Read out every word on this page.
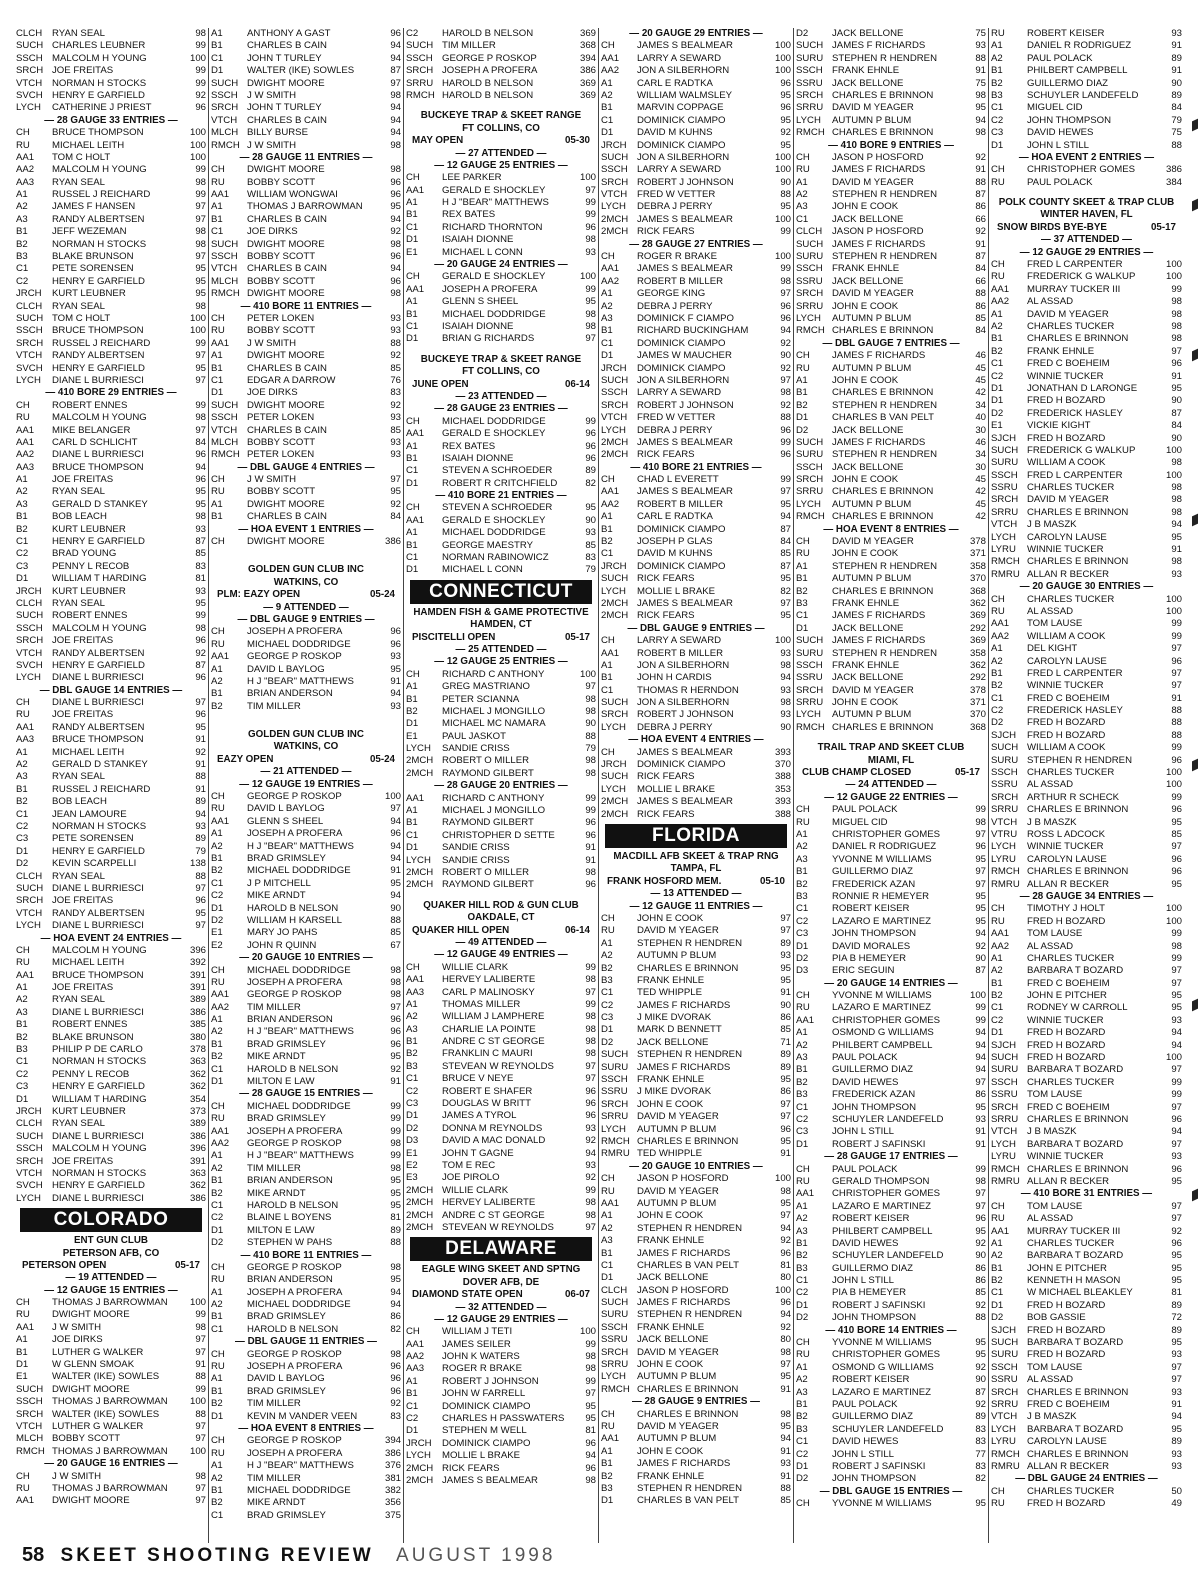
CLCH	RYAN SEAL	98
SUCH CHARLES LEUBNER	99
SSCH MALCOLM H YOUNG	100
SRCH JOE FREITAS	99
VTCH	NORMAN H STOCKS	99
SVCH HENRY E GARFIELD	92
LYCH	CATHERINE J PRIEST	96
— 28 GAUGE 33 ENTRIES —
CH	BRUCE THOMPSON	100
RU	MICHAEL LEITH	100
AA1	TOM C HOLT	100
AA2	MALCOLM H YOUNG	99
AA3	RYAN SEAL	98
A1	RUSSEL J REICHARD	99
A2	JAMES F HANSEN	97
A3	RANDY ALBERTSEN	97
B1	JEFF WEZEMAN	98
B2	NORMAN H STOCKS	98
B3	BLAKE BRUNSON	97
C1	PETE SORENSEN	95
C2	HENRY E GARFIELD	95
JRCH	KURT LEUBNER	95
CLCH	RYAN SEAL	98
SUCH TOM C HOLT	100
SSCH BRUCE THOMPSON	100
SRCH RUSSEL J REICHARD	99
VTCH	RANDY ALBERTSEN	97
SVCH HENRY E GARFIELD	95
LYCH	DIANE L BURRIESCI	97
— 410 BORE 29 ENTRIES —
CH	ROBERT ENNES	99
RU	MALCOLM H YOUNG	98
AA1	MIKE BELANGER	97
AA1	CARL D SCHLICHT	84
AA2	DIANE L BURRIESCI	96
AA3	BRUCE THOMPSON	94
A1	JOE FREITAS	96
A2	RYAN SEAL	95
A3	GERALD D STANKEY	95
B1	BOB LEACH	98
B2	KURT LEUBNER	93
C1	HENRY E GARFIELD	87
C2	BRAD YOUNG	85
C3	PENNY L RECOB	83
D1	WILLIAM T HARDING	81
JRCH	KURT LEUBNER	93
CLCH	RYAN SEAL	95
SUCH ROBERT ENNES	99
SSCH MALCOLM H YOUNG	98
SRCH JOE FREITAS	96
VTCH	RANDY ALBERTSEN	92
SVCH HENRY E GARFIELD	87
LYCH	DIANE L BURRIESCI	96
— DBL GAUGE 14 ENTRIES —
CH	DIANE L BURRIESCI	97
RU	JOE FREITAS	96
AA1	RANDY ALBERTSEN	95
AA3	BRUCE THOMPSON	91
A1	MICHAEL LEITH	92
A2	GERALD D STANKEY	91
A3	RYAN SEAL	88
B1	RUSSEL J REICHARD	91
B2	BOB LEACH	89
C1	JEAN LAMOURE	94
C2	NORMAN H STOCKS	93
C3	PETE SORENSEN	89
D1	HENRY E GARFIELD	79
D2	KEVIN SCARPELLI	138
CLCH	RYAN SEAL	88
SUCH DIANE L BURRIESCI	97
SRCH JOE FREITAS	96
VTCH	RANDY ALBERTSEN	95
LYCH	DIANE L BURRIESCI	97
— HOA EVENT 24 ENTRIES —
CH	MALCOLM H YOUNG	396
RU	MICHAEL LEITH	392
AA1	BRUCE THOMPSON	391
A1	JOE FREITAS	391
A2	RYAN SEAL	389
A3	DIANE L BURRIESCI	386
B1	ROBERT ENNES	385
B2	BLAKE BRUNSON	380
B3	PHILIP P DE CARLO	378
C1	NORMAN H STOCKS	363
C2	PENNY L RECOB	362
C3	HENRY E GARFIELD	362
D1	WILLIAM T HARDING	354
JRCH	KURT LEUBNER	373
CLCH	RYAN SEAL	389
SUCH DIANE L BURRIESCI	386
SSCH MALCOLM H YOUNG	396
SRCH JOE FREITAS	391
VTCH	NORMAN H STOCKS	363
SVCH HENRY E GARFIELD	362
LYCH	DIANE L BURRIESCI	386
COLORADO
ENT GUN CLUB
PETERSON AFB, CO
PETERSON OPEN	05-17
— 19 ATTENDED —
— 12 GAUGE 15 ENTRIES —
CH	THOMAS J BARROWMAN	100
RU	DWIGHT MOORE	99
AA1	J W SMITH	98
A1	JOE DIRKS	97
B1	LUTHER G WALKER	97
D1	W GLENN SMOAK	91
E1	WALTER (IKE) SOWLES	88
SUCH DWIGHT MOORE	99
SSCH THOMAS J BARROWMAN	100
SRCH WALTER (IKE) SOWLES	88
VTCH	LUTHER G WALKER	97
MLCH BOBBY SCOTT	97
RMCH THOMAS J BARROWMAN	100
— 20 GAUGE 16 ENTRIES —
CH	J W SMITH	98
RU	THOMAS J BARROWMAN	97
AA1	DWIGHT MOORE	97
A1	ANTHONY A GAST	96
B1	CHARLES B CAIN	94
C1	JOHN T TURLEY	94
D1	WALTER (IKE) SOWLES	87
SUCH DWIGHT MOORE	97
SSCH J W SMITH	98
SRCH JOHN T TURLEY	94
VTCH	CHARLES B CAIN	94
MLCH BILLY BURSE	94
RMCH J W SMITH	98
— 28 GAUGE 11 ENTRIES —
CH	DWIGHT MOORE	98
RU	BOBBY SCOTT	96
AA1	WILLIAM WONGWAI	96
A1	THOMAS J BARROWMAN	95
B1	CHARLES B CAIN	94
C1	JOE DIRKS	92
SUCH DWIGHT MOORE	98
SSCH BOBBY SCOTT	96
VTCH	CHARLES B CAIN	94
MLCH BOBBY SCOTT	96
RMCH DWIGHT MOORE	98
— 410 BORE 11 ENTRIES —
CH	PETER LOKEN	93
RU	BOBBY SCOTT	93
AA1	J W SMITH	88
A1	DWIGHT MOORE	92
B1	CHARLES B CAIN	85
C1	EDGAR A DARROW	76
D1	JOE DIRKS	83
SUCH DWIGHT MOORE	92
SSCH PETER LOKEN	93
VTCH	CHARLES B CAIN	85
MLCH BOBBY SCOTT	93
RMCH PETER LOKEN	93
— DBL GAUGE 4 ENTRIES —
CH	J W SMITH	97
RU	BOBBY SCOTT	95
A1	DWIGHT MOORE	92
B1	CHARLES B CAIN	84
— HOA EVENT 1 ENTRIES —
CH	DWIGHT MOORE	386
GOLDEN GUN CLUB INC
WATKINS, CO
PLM: EAZY OPEN	05-24
— 9 ATTENDED —
— DBL GAUGE 9 ENTRIES —
CH	JOSEPH A PROFERA	96
RU	MICHAEL DODDRIDGE	96
AA1	GEORGE P ROSKOP	93
A1	DAVID L BAYLOG	95
A2	H J "BEAR" MATTHEWS	91
B1	BRIAN ANDERSON	94
B2	TIM MILLER	93
GOLDEN GUN CLUB INC
WATKINS, CO
EAZY OPEN	05-24
— 21 ATTENDED —
— 12 GAUGE 19 ENTRIES —
CH	GEORGE P ROSKOP	100
RU	DAVID L BAYLOG	97
AA1	GLENN S SHEEL	94
A1	JOSEPH A PROFERA	96
A2	H J "BEAR" MATTHEWS	94
B1	BRAD GRIMSLEY	94
B2	MICHAEL DODDRIDGE	91
C1	J P MITCHELL	95
C2	MIKE ARNDT	94
D1	HAROLD B NELSON	90
D2	WILLIAM H KARSELL	88
E1	MARY JO PAHS	85
E2	JOHN R QUINN	67
— 20 GAUGE 10 ENTRIES —
CH	MICHAEL DODDRIDGE	98
RU	JOSEPH A PROFERA	98
AA1	GEORGE P ROSKOP	98
AA2	TIM MILLER	97
A1	BRIAN ANDERSON	96
A2	H J "BEAR" MATTHEWS	96
B1	BRAD GRIMSLEY	96
B2	MIKE ARNDT	95
C1	HAROLD B NELSON	92
D1	MILTON E LAW	91
— 28 GAUGE 15 ENTRIES —
CH	MICHAEL DODDRIDGE	99
RU	BRAD GRIMSLEY	99
AA1	JOSEPH A PROFERA	99
AA2	GEORGE P ROSKOP	98
A1	H J "BEAR" MATTHEWS	99
A2	TIM MILLER	98
B1	BRIAN ANDERSON	95
B2	MIKE ARNDT	95
C1	HAROLD B NELSON	95
C2	BLAINE L BOYENS	81
D1	MILTON E LAW	89
D2	STEPHEN W PAHS	88
— 410 BORE 11 ENTRIES —
CH	GEORGE P ROSKOP	98
RU	BRIAN ANDERSON	95
A1	JOSEPH A PROFERA	94
A2	MICHAEL DODDRIDGE	94
B1	BRAD GRIMSLEY	86
C1	HAROLD B NELSON	82
— DBL GAUGE 11 ENTRIES —
CH	GEORGE P ROSKOP	98
RU	JOSEPH A PROFERA	96
A1	DAVID L BAYLOG	96
B1	BRAD GRIMSLEY	96
B2	TIM MILLER	92
D1	KEVIN M VANDER VEEN	83
— HOA EVENT 8 ENTRIES —
CH	GEORGE P ROSKOP	394
RU	JOSEPH A PROFERA	386
A1	H J "BEAR" MATTHEWS	376
A2	TIM MILLER	381
B1	MICHAEL DODDRIDGE	382
B2	MIKE ARNDT	356
C1	BRAD GRIMSLEY	375
C2	HAROLD B NELSON	369
SUCH TIM MILLER	368
SSCH GEORGE P ROSKOP	394
SRCH JOSEPH A PROFERA	386
SRRU HAROLD B NELSON	369
RMCH HAROLD B NELSON	369
BUCKEYE TRAP & SKEET RANGE
FT COLLINS, CO
MAY OPEN	05-30
— 27 ATTENDED —
— 12 GAUGE 25 ENTRIES —
CH	LEE PARKER	100
AA1	GERALD E SHOCKLEY	97
A1	H J "BEAR" MATTHEWS	99
B1	REX BATES	99
C1	RICHARD THORNTON	96
D1	ISAIAH DIONNE	98
E1	MICHAEL L CONN	93
— 20 GAUGE 24 ENTRIES —
CH	GERALD E SHOCKLEY	100
AA1	JOSEPH A PROFERA	99
A1	GLENN S SHEEL	95
B1	MICHAEL DODDRIDGE	98
C1	ISAIAH DIONNE	98
D1	BRIAN G RICHARDS	97
BUCKEYE TRAP & SKEET RANGE
FT COLLINS, CO
JUNE OPEN	06-14
— 23 ATTENDED —
— 28 GAUGE 23 ENTRIES —
CH	MICHAEL DODDRIDGE	99
AA1	GERALD E SHOCKLEY	96
A1	REX BATES	96
B1	ISAIAH DIONNE	96
C1	STEVEN A SCHROEDER	89
D1	ROBERT R CRITCHFIELD	82
— 410 BORE 21 ENTRIES —
CH	STEVEN A SCHROEDER	95
AA1	GERALD E SHOCKLEY	90
A1	MICHAEL DODDRIDGE	93
B1	GEORGE MAESTRY	85
C1	NORMAN RABINOWICZ	83
D1	MICHAEL L CONN	79
CONNECTICUT
HAMDEN FISH & GAME PROTECTIVE
HAMDEN, CT
PISCITELLI OPEN	05-17
— 25 ATTENDED —
— 12 GAUGE 25 ENTRIES —
CH	RICHARD C ANTHONY	100
A1	GREG MASTRIANO	97
B1	PETER SCIANNA	98
B2	MICHAEL J MONGILLO	98
D1	MICHAEL MC NAMARA	90
E1	PAUL JASKOT	88
LYCH	SANDIE CRISS	79
2MCH ROBERT O MILLER	98
2MCH RAYMOND GILBERT	98
— 28 GAUGE 20 ENTRIES —
AA1	RICHARD C ANTHONY	99
A1	MICHAEL J MONGILLO	99
B1	RAYMOND GILBERT	96
C1	CHRISTOPHER D SETTE	96
D1	SANDIE CRISS	91
LYCH	SANDIE CRISS	91
2MCH ROBERT O MILLER	98
2MCH RAYMOND GILBERT	96
QUAKER HILL ROD & GUN CLUB
OAKDALE, CT
QUAKER HILL OPEN	06-14
— 49 ATTENDED —
— 12 GAUGE 49 ENTRIES —
CH	WILLIE CLARK	99
AA1	HERVEY LALIBERTE	98
AA3	CARL P MALINOSKY	97
A1	THOMAS MILLER	99
A2	WILLIAM J LAMPHERE	98
A3	CHARLIE LA POINTE	98
B1	ANDRE C ST GEORGE	98
B2	FRANKLIN C MAURI	98
B3	STEVEAN W REYNOLDS	97
C1	BRUCE V NEYE	97
C2	ROBERT E SHAFER	96
C3	DOUGLAS W BRITT	96
D1	JAMES A TYROL	96
D2	DONNA M REYNOLDS	93
D3	DAVID A MAC DONALD	92
E1	JOHN T GAGNE	94
E2	TOM E REC	93
E3	JOE PIROLO	92
2MCH WILLIE CLARK	99
2MCH HERVEY LALIBERTE	98
2MCH ANDRE C ST GEORGE	98
2MCH STEVEAN W REYNOLDS	97
DELAWARE
EAGLE WING SKEET AND SPTNG
DOVER AFB, DE
DIAMOND STATE OPEN	06-07
— 32 ATTENDED —
— 12 GAUGE 29 ENTRIES —
CH	WILLIAM J TETI	100
AA1	JAMES SEILER	99
AA2	JOHN K WATERS	98
AA3	ROGER R BRAKE	98
A1	ROBERT J JOHNSON	99
B1	JOHN W FARRELL	97
C1	DOMINICK CIAMPO	95
C2	CHARLES H PASSWATERS	95
D1	STEPHEN M WELL	81
JRCH	DOMINICK CIAMPO	96
LYCH	MOLLIE L BRAKE	94
2MCH RICK FEARS	96
2MCH JAMES S BEALMEAR	98
— 20 GAUGE 29 ENTRIES —
CH	JAMES S BEALMEAR	100
AA1	LARRY A SEWARD	100
AA2	JON A SILBERHORN	100
A1	CARL E RADTKA	96
A2	WILLIAM WALMSLEY	95
B1	MARVIN COPPAGE	96
C1	DOMINICK CIAMPO	95
D1	DAVID M KUHNS	92
JRCH	DOMINICK CIAMPO	95
SUCH JON A SILBERHORN	100
SSCH LARRY A SEWARD	100
SRCH ROBERT J JOHNSON	90
VTCH	FRED W VETTER	88
LYCH	DEBRA J PERRY	95
2MCH JAMES S BEALMEAR	100
2MCH RICK FEARS	99
— 28 GAUGE 27 ENTRIES —
CH	ROGER R BRAKE	100
AA1	JAMES S BEALMEAR	99
AA2	ROBERT B MILLER	98
A1	GEORGE KING	97
A2	DEBRA J PERRY	96
A3	DOMINICK F CIAMPO	96
B1	RICHARD BUCKINGHAM	94
C1	DOMINICK CIAMPO	92
D1	JAMES W MAUCHER	90
JRCH	DOMINICK CIAMPO	92
SUCH JON A SILBERHORN	97
SSCH LARRY A SEWARD	98
SRCH ROBERT J JOHNSON	92
VTCH	FRED W VETTER	88
LYCH	DEBRA J PERRY	96
2MCH JAMES S BEALMEAR	99
2MCH RICK FEARS	96
— 410 BORE 21 ENTRIES —
CH	CHAD L EVERETT	99
AA1	JAMES S BEALMEAR	97
AA2	ROBERT B MILLER	95
A1	CARL E RADTKA	94
B1	DOMINICK CIAMPO	87
B2	JOSEPH P GLAS	84
C1	DAVID M KUHNS	85
JRCH	DOMINICK CIAMPO	87
SUCH RICK FEARS	95
LYCH	MOLLIE L BRAKE	82
2MCH JAMES S BEALMEAR	97
2MCH RICK FEARS	95
— DBL GAUGE 9 ENTRIES —
CH	LARRY A SEWARD	100
AA1	ROBERT B MILLER	93
A1	JON A SILBERHORN	98
B1	JOHN H CARDIS	94
C1	THOMAS R HERNDON	93
SUCH JON A SILBERHORN	98
SRCH ROBERT J JOHNSON	93
LYCH	DEBRA J PERRY	90
— HOA EVENT 4 ENTRIES —
CH	JAMES S BEALMEAR	393
JRCH	DOMINICK CIAMPO	370
SUCH RICK FEARS	388
LYCH	MOLLIE L BRAKE	353
2MCH JAMES S BEALMEAR	393
2MCH RICK FEARS	388
FLORIDA
MACDILL AFB SKEET & TRAP RNG
TAMPA, FL
FRANK HOSFORD MEM.	05-10
— 13 ATTENDED —
— 12 GAUGE 11 ENTRIES —
CH	JOHN E COOK	97
RU	DAVID M YEAGER	97
A1	STEPHEN R HENDREN	89
A2	AUTUMN P BLUM	93
B2	CHARLES E BRINNON	95
B3	FRANK EHNLE	95
C1	TED WHIPPLE	91
C2	JAMES F RICHARDS	90
C3	J MIKE DVORAK	86
D1	MARK D BENNETT	85
D2	JACK BELLONE	71
SUCH STEPHEN R HENDREN	89
SURU JAMES F RICHARDS	89
SSCH FRANK EHNLE	95
SSRU J MIKE DVORAK	86
SRCH JOHN E COOK	97
SRRU DAVID M YEAGER	97
LYCH	AUTUMN P BLUM	96
RMCH CHARLES E BRINNON	95
RMRU TED WHIPPLE	91
— 20 GAUGE 10 ENTRIES —
CH	JASON P HOSFORD	100
RU	DAVID M YEAGER	98
AA1	AUTUMN P BLUM	95
A1	JOHN E COOK	97
A2	STEPHEN R HENDREN	94
A3	FRANK EHNLE	92
B1	JAMES F RICHARDS	96
C1	CHARLES B VAN PELT	81
D1	JACK BELLONE	80
CLCH	JASON P HOSFORD	100
SUCH JAMES F RICHARDS	96
SURU STEPHEN R HENDREN	94
SSCH FRANK EHNLE	92
SSRU JACK BELLONE	80
SRCH DAVID M YEAGER	98
SRRU JOHN E COOK	97
LYCH	AUTUMN P BLUM	95
RMCH CHARLES E BRINNON	91
— 28 GAUGE 9 ENTRIES —
CH	CHARLES E BRINNON	98
RU	DAVID M YEAGER	95
AA1	AUTUMN P BLUM	94
A1	JOHN E COOK	91
B1	JAMES F RICHARDS	93
B2	FRANK EHNLE	91
B3	STEPHEN R HENDREN	88
D1	CHARLES B VAN PELT	85
D2	JACK BELLONE	75
SUCH JAMES F RICHARDS	93
SURU STEPHEN R HENDREN	88
SSCH FRANK EHNLE	91
SSRU JACK BELLONE	75
SRCH CHARLES E BRINNON	98
SRRU DAVID M YEAGER	95
LYCH	AUTUMN P BLUM	94
RMCH CHARLES E BRINNON	98
— 410 BORE 9 ENTRIES —
CH	JASON P HOSFORD	92
RU	JAMES F RICHARDS	91
A1	DAVID M YEAGER	88
A2	STEPHEN R HENDREN	87
A3	JOHN E COOK	86
C1	JACK BELLONE	66
CLCH	JASON P HOSFORD	92
SUCH JAMES F RICHARDS	91
SURU STEPHEN R HENDREN	87
SSCH FRANK EHNLE	84
SSRU JACK BELLONE	66
SRCH DAVID M YEAGER	88
SRRU JOHN E COOK	86
LYCH	AUTUMN P BLUM	85
RMCH CHARLES E BRINNON	84
— DBL GAUGE 7 ENTRIES —
CH	JAMES F RICHARDS	46
RU	AUTUMN P BLUM	45
A1	JOHN E COOK	45
B1	CHARLES E BRINNON	42
B2	STEPHEN R HENDREN	34
D1	CHARLES B VAN PELT	40
D2	JACK BELLONE	30
SUCH JAMES F RICHARDS	46
SURU STEPHEN R HENDREN	34
SSCH JACK BELLONE	30
SRCH JOHN E COOK	45
SRRU CHARLES E BRINNON	42
LYCH	AUTUMN P BLUM	45
RMCH CHARLES E BRINNON	42
— HOA EVENT 8 ENTRIES —
CH	DAVID M YEAGER	378
RU	JOHN E COOK	371
A1	STEPHEN R HENDREN	358
B1	AUTUMN P BLUM	370
B2	CHARLES E BRINNON	368
B3	FRANK EHNLE	362
C1	JAMES F RICHARDS	369
D1	JACK BELLONE	292
SUCH JAMES F RICHARDS	369
SURU STEPHEN R HENDREN	358
SSCH FRANK EHNLE	362
SSRU JACK BELLONE	292
SRCH DAVID M YEAGER	378
SRRU JOHN E COOK	371
LYCH	AUTUMN P BLUM	370
RMCH CHARLES E BRINNON	368
TRAIL TRAP AND SKEET CLUB
MIAMI, FL
CLUB CHAMP CLOSED	05-17
— 24 ATTENDED —
— 12 GAUGE 22 ENTRIES —
CH	PAUL POLACK	99
RU	MIGUEL CID	98
A1	CHRISTOPHER GOMES	97
A2	DANIEL R RODRIGUEZ	96
A3	YVONNE M WILLIAMS	95
B1	GUILLERMO DIAZ	97
B2	FREDERICK AZAN	97
B3	RONNIE R HEMEYER	95
C1	ROBERT KEISER	95
C2	LAZARO E MARTINEZ	95
C3	JOHN THOMPSON	94
D1	DAVID MORALES	92
D2	PIA B HEMEYER	90
D3	ERIC SEGUIN	87
— 20 GAUGE 14 ENTRIES —
CH	YVONNE M WILLIAMS	100
RU	LAZARO E MARTINEZ	99
AA1	CHRISTOPHER GOMES	99
A1	OSMOND G WILLIAMS	94
A2	PHILBERT CAMPBELL	94
A3	PAUL POLACK	94
B1	GUILLERMO DIAZ	94
B2	DAVID HEWES	97
B3	FREDERICK AZAN	86
C1	JOHN THOMPSON	95
C2	SCHUYLER LANDEFELD	93
C3	JOHN L STILL	91
D1	ROBERT J SAFINSKI	91
— 28 GAUGE 17 ENTRIES —
CH	PAUL POLACK	99
RU	GERALD THOMPSON	98
AA1	CHRISTOPHER GOMES	97
A1	LAZARO E MARTINEZ	97
A2	ROBERT KEISER	96
A3	PHILBERT CAMPBELL	95
B1	DAVID HEWES	92
B2	SCHUYLER LANDEFELD	90
B3	GUILLERMO DIAZ	86
C1	JOHN L STILL	86
C2	PIA B HEMEYER	85
D1	ROBERT J SAFINSKI	92
D2	JOHN THOMPSON	88
— 410 BORE 14 ENTRIES —
CH	YVONNE M WILLIAMS	95
RU	CHRISTOPHER GOMES	95
A1	OSMOND G WILLIAMS	92
A2	ROBERT KEISER	90
A3	LAZARO E MARTINEZ	87
B1	PAUL POLACK	92
B2	GUILLERMO DIAZ	89
B3	SCHUYLER LANDEFELD	83
C1	DAVID HEWES	83
C2	JOHN L STILL	77
D1	ROBERT J SAFINSKI	83
D2	JOHN THOMPSON	82
— DBL GAUGE 15 ENTRIES —
CH	YVONNE M WILLIAMS	95
RU	ROBERT KEISER	93
A1	DANIEL R RODRIGUEZ	91
A2	PAUL POLACK	89
B1	PHILBERT CAMPBELL	91
B2	GUILLERMO DIAZ	90
B3	SCHUYLER LANDEFELD	89
C1	MIGUEL CID	84
C2	JOHN THOMPSON	79
C3	DAVID HEWES	75
D1	JOHN L STILL	88
— HOA EVENT 2 ENTRIES —
CH	CHRISTOPHER GOMES	386
RU	PAUL POLACK	384
POLK COUNTY SKEET & TRAP CLUB
WINTER HAVEN, FL
SNOW BIRDS BYE-BYE	05-17
— 37 ATTENDED —
— 12 GAUGE 29 ENTRIES —
CH	FRED L CARPENTER	100
RU	FREDERICK G WALKUP	100
AA1	MURRAY TUCKER III	99
AA2	AL ASSAD	98
A1	DAVID M YEAGER	98
A2	CHARLES TUCKER	98
B1	CHARLES E BRINNON	98
B2	FRANK EHNLE	97
C1	FRED C BOEHEIM	96
C2	WINNIE TUCKER	91
D1	JONATHAN D LARONGE	95
D1	FRED H BOZARD	90
D2	FREDERICK HASLEY	87
E1	VICKIE KIGHT	84
SJCH	FRED H BOZARD	90
SUCH FREDERICK G WALKUP	100
SURU WILLIAM A COOK	98
SSCH FRED L CARPENTER	100
SSRU CHARLES TUCKER	98
SRCH DAVID M YEAGER	98
SRRU CHARLES E BRINNON	98
VTCH	J B MASZK	94
LYCH	CAROLYN LAUSE	95
LYRU	WINNIE TUCKER	91
RMCH CHARLES E BRINNON	98
RMRU ALLAN R BECKER	93
— 20 GAUGE 30 ENTRIES —
CH	CHARLES TUCKER	100
RU	AL ASSAD	100
AA1	TOM LAUSE	99
AA2	WILLIAM A COOK	99
A1	DEL KIGHT	97
A2	CAROLYN LAUSE	96
B1	FRED L CARPENTER	97
B2	WINNIE TUCKER	97
C1	FRED C BOEHEIM	91
C2	FREDERICK HASLEY	88
D2	FRED H BOZARD	88
SJCH	FRED H BOZARD	88
SUCH WILLIAM A COOK	99
SURU STEPHEN R HENDREN	96
SSCH CHARLES TUCKER	100
SSRU AL ASSAD	100
SRCH ARTHUR R SCHECK	99
SRRU CHARLES E BRINNON	96
VTCH	J B MASZK	95
VTRU	ROSS L ADCOCK	85
LYCH	WINNIE TUCKER	97
LYRU	CAROLYN LAUSE	96
RMCH CHARLES E BRINNON	96
RMRU ALLAN R BECKER	95
— 28 GAUGE 34 ENTRIES —
CH	TIMOTHY J HOLT	100
RU	FRED H BOZARD	100
AA1	TOM LAUSE	99
AA2	AL ASSAD	98
A1	CHARLES TUCKER	99
A2	BARBARA T BOZARD	97
B1	FRED C BOEHEIM	97
B2	JOHN E PITCHER	95
C1	RODNEY W CARROLL	95
C2	WINNIE TUCKER	93
D1	FRED H BOZARD	94
SJCH	FRED H BOZARD	94
SUCH FRED H BOZARD	100
SURU BARBARA T BOZARD	97
SSCH CHARLES TUCKER	99
SSRU TOM LAUSE	99
SRCH FRED C BOEHEIM	97
SRRU CHARLES E BRINNON	96
VTCH	J B MASZK	94
LYCH	BARBARA T BOZARD	97
LYRU	WINNIE TUCKER	93
RMCH CHARLES E BRINNON	96
RMRU ALLAN R BECKER	95
— 410 BORE 31 ENTRIES —
CH	TOM LAUSE	97
RU	AL ASSAD	97
AA1	MURRAY TUCKER III	92
A1	CHARLES TUCKER	96
A2	BARBARA T BOZARD	95
B1	JOHN E PITCHER	95
B2	KENNETH H MASON	95
C1	W MICHAEL BLEAKLEY	81
D1	FRED H BOZARD	89
D2	BOB GASSIE	72
SJCH	FRED H BOZARD	89
SUCH BARBARA T BOZARD	95
SURU FRED H BOZARD	93
SSCH TOM LAUSE	97
SSRU AL ASSAD	97
SRCH CHARLES E BRINNON	93
SRRU FRED C BOEHEIM	91
VTCH	J B MASZK	94
LYCH	BARBARA T BOZARD	95
LYRU	CAROLYN LAUSE	89
RMCH CHARLES E BRINNON	93
RMRU ALLAN R BECKER	93
— DBL GAUGE 24 ENTRIES —
CH	CHARLES TUCKER	50
RU	FRED H BOZARD	49
58 SKEET SHOOTING REVIEW AUGUST 1998
